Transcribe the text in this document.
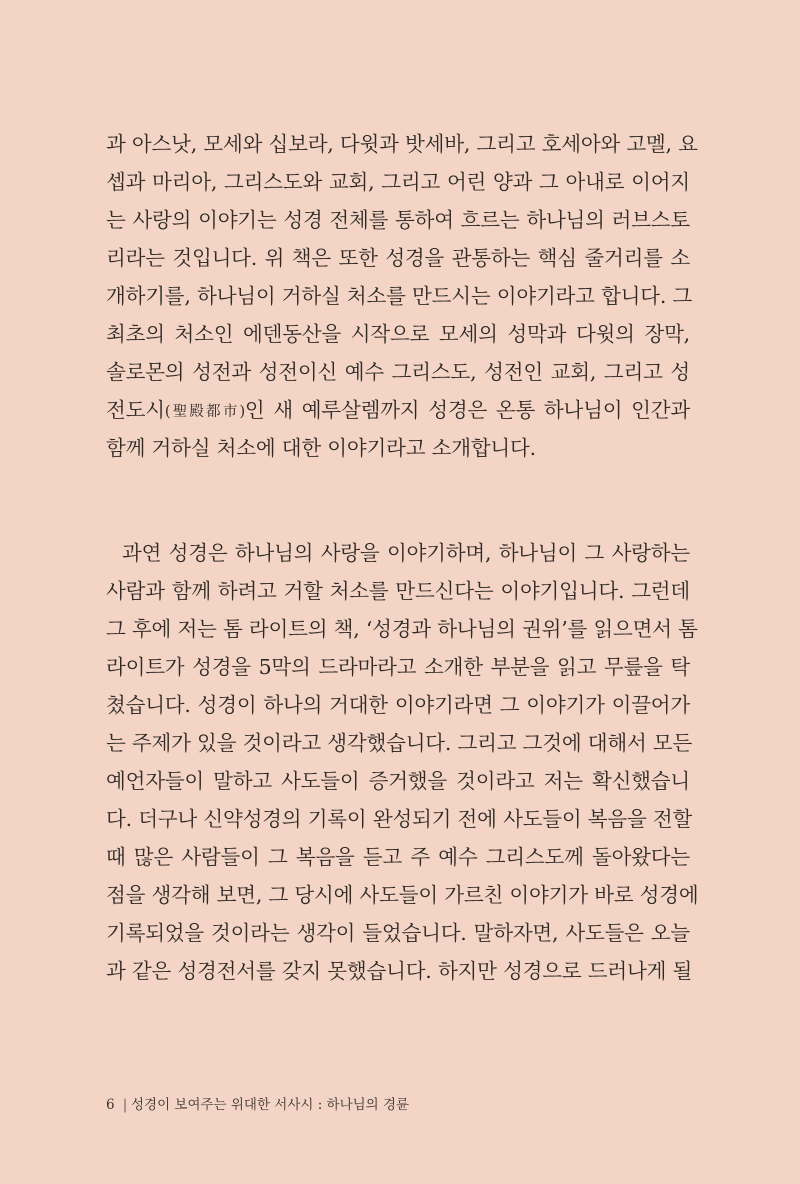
과 아스낫, 모세와 십보라, 다윗과 밧세바, 그리고 호세아와 고멜, 요
셉과 마리아, 그리스도와 교회, 그리고 어린 양과 그 아내로 이어지
는 사랑의 이야기는 성경 전체를 통하여 흐르는 하나님의 러브스토
리라는 것입니다. 위 책은 또한 성경을 관통하는 핵심 줄거리를 소
개하기를, 하나님이 거하실 처소를 만드시는 이야기라고 합니다. 그
최초의 처소인 에덴동산을 시작으로 모세의 성막과 다윗의 장막,
솔로몬의 성전과 성전이신 예수 그리스도, 성전인 교회, 그리고 성
전도시(聖殿都市)인 새 예루살렘까지 성경은 온통 하나님이 인간과
함께 거하실 처소에 대한 이야기라고 소개합니다.
과연 성경은 하나님의 사랑을 이야기하며, 하나님이 그 사랑하는
사람과 함께 하려고 거할 처소를 만드신다는 이야기입니다. 그런데
그 후에 저는 톰 라이트의 책, ‘성경과 하나님의 권위’를 읽으면서 톰
라이트가 성경을 5막의 드라마라고 소개한 부분을 읽고 무릎을 탁
쳤습니다. 성경이 하나의 거대한 이야기라면 그 이야기가 이끌어가
는 주제가 있을 것이라고 생각했습니다. 그리고 그것에 대해서 모든
예언자들이 말하고 사도들이 증거했을 것이라고 저는 확신했습니
다. 더구나 신약성경의 기록이 완성되기 전에 사도들이 복음을 전할
때 많은 사람들이 그 복음을 듣고 주 예수 그리스도께 돌아왔다는
점을 생각해 보면, 그 당시에 사도들이 가르친 이야기가 바로 성경에
기록되었을 것이라는 생각이 들었습니다. 말하자면, 사도들은 오늘
과 같은 성경전서를 갖지 못했습니다. 하지만 성경으로 드러나게 될
6 | 성경이 보여주는 위대한 서사시 : 하나님의 경륜
